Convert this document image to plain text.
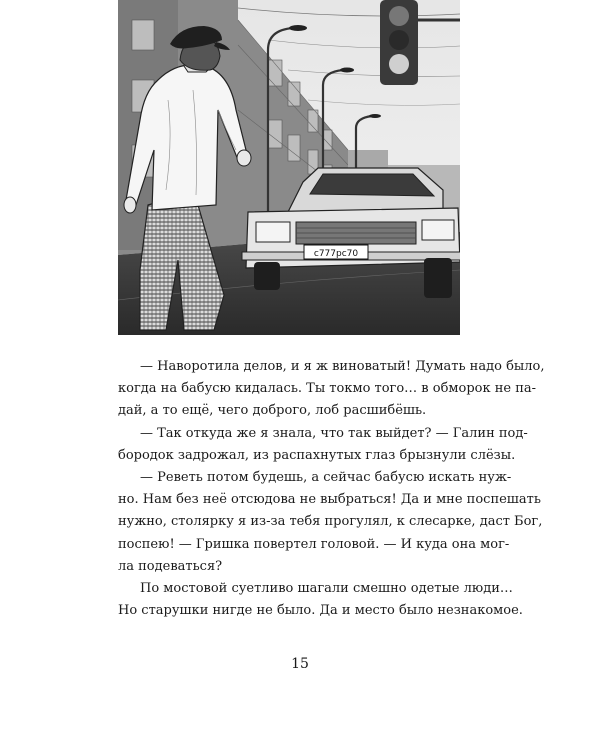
с777рс70

— Наворотила делов, и я ж виноватый! Думать надо было,
когда на бабусю кидалась. Ты токмо того… в обморок не па-
дай, а то ещё, чего доброго, лоб расшибёшь.

— Так откуда же я знала, что так выйдет? — Галин под-
бородок задрожал, из распахнутых глаз брызнули слёзы.

— Реветь потом будешь, а сейчас бабусю искать нуж-
но. Нам без неё отсюдова не выбраться! Да и мне поспешать
нужно, столярку я из-за тебя прогулял, к слесарке, даст Бог,
поспею! — Гришка повертел головой. — И куда она мог-
ла подеваться?

По мостовой суетливо шагали смешно одетые люди…
Но старушки нигде не было. Да и место было незнакомое.

15
